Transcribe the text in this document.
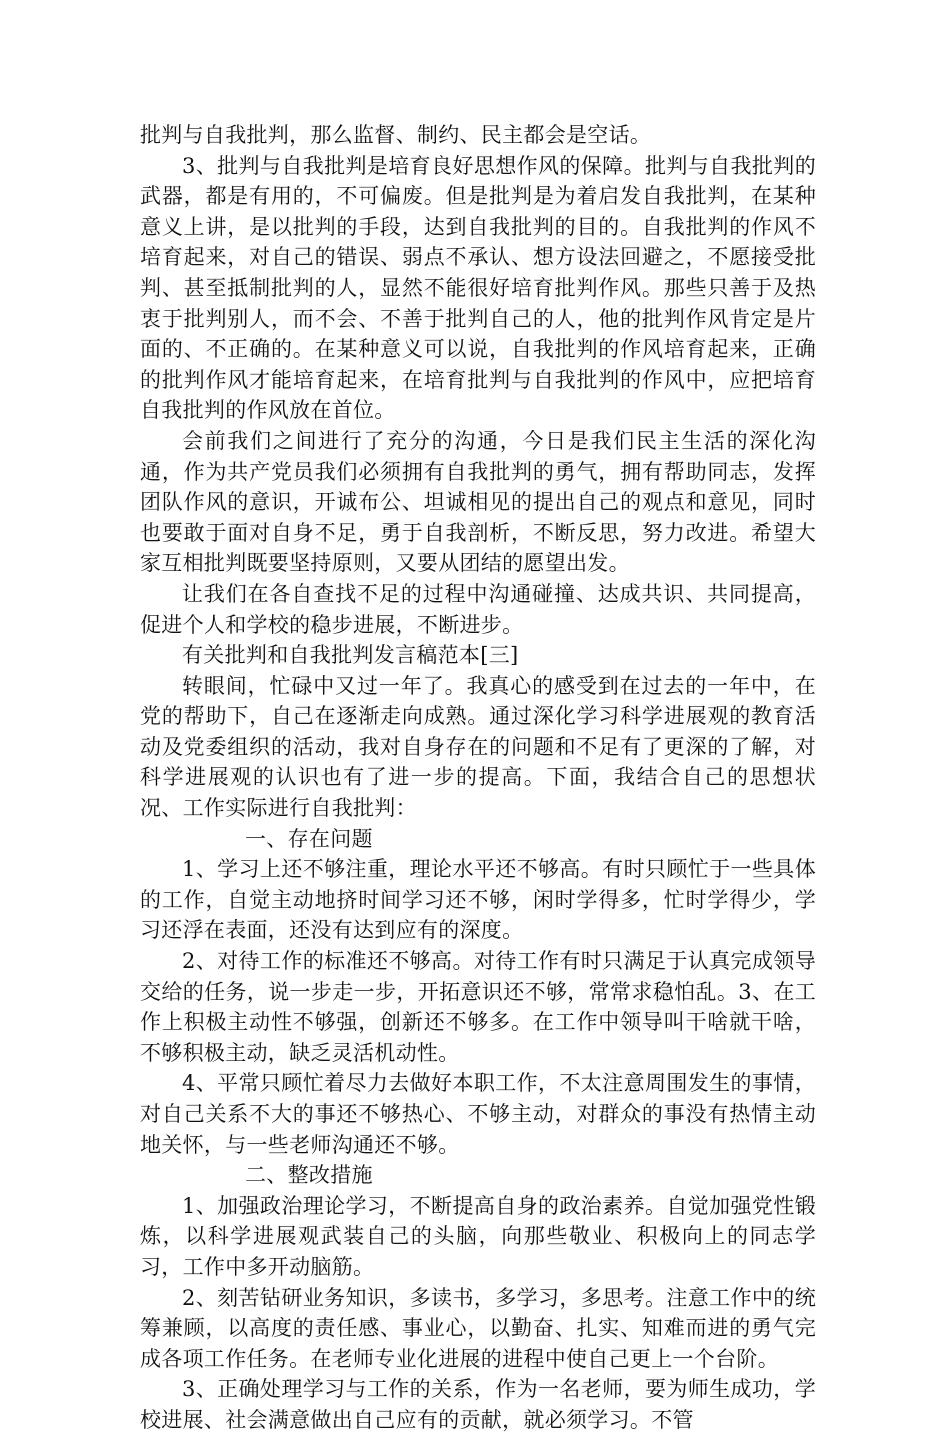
批判与自我批判，那么监督、制约、民主都会是空话。

3、批判与自我批判是培育良好思想作风的保障。批判与自我批判的武器，都是有用的，不可偏废。但是批判是为着启发自我批判，在某种意义上讲，是以批判的手段，达到自我批判的目的。自我批判的作风不培育起来，对自己的错误、弱点不承认、想方设法回避之，不愿接受批判、甚至抵制批判的人，显然不能很好培育批判作风。那些只善于及热衷于批判别人，而不会、不善于批判自己的人，他的批判作风肯定是片面的、不正确的。在某种意义可以说，自我批判的作风培育起来，正确的批判作风才能培育起来，在培育批判与自我批判的作风中，应把培育自我批判的作风放在首位。

会前我们之间进行了充分的沟通，今日是我们民主生活的深化沟通，作为共产党员我们必须拥有自我批判的勇气，拥有帮助同志，发挥团队作风的意识，开诚布公、坦诚相见的提出自己的观点和意见，同时也要敢于面对自身不足，勇于自我剖析，不断反思，努力改进。希望大家互相批判既要坚持原则，又要从团结的愿望出发。

让我们在各自查找不足的过程中沟通碰撞、达成共识、共同提高，促进个人和学校的稳步进展，不断进步。

有关批判和自我批判发言稿范本[三]

转眼间，忙碌中又过一年了。我真心的感受到在过去的一年中，在党的帮助下，自己在逐渐走向成熟。通过深化学习科学进展观的教育活动及党委组织的活动，我对自身存在的问题和不足有了更深的了解，对科学进展观的认识也有了进一步的提高。下面，我结合自己的思想状况、工作实际进行自我批判：

一、存在问题

1、学习上还不够注重，理论水平还不够高。有时只顾忙于一些具体的工作，自觉主动地挤时间学习还不够，闲时学得多，忙时学得少，学习还浮在表面，还没有达到应有的深度。

2、对待工作的标准还不够高。对待工作有时只满足于认真完成领导交给的任务，说一步走一步，开拓意识还不够，常常求稳怕乱。3、在工作上积极主动性不够强，创新还不够多。在工作中领导叫干啥就干啥，不够积极主动，缺乏灵活机动性。

4、平常只顾忙着尽力去做好本职工作，不太注意周围发生的事情，对自己关系不大的事还不够热心、不够主动，对群众的事没有热情主动地关怀，与一些老师沟通还不够。

二、整改措施

1、加强政治理论学习，不断提高自身的政治素养。自觉加强党性锻炼，以科学进展观武装自己的头脑，向那些敬业、积极向上的同志学习，工作中多开动脑筋。

2、刻苦钻研业务知识，多读书，多学习，多思考。注意工作中的统筹兼顾，以高度的责任感、事业心，以勤奋、扎实、知难而进的勇气完成各项工作任务。在老师专业化进展的进程中使自己更上一个台阶。

3、正确处理学习与工作的关系，作为一名老师，要为师生成功，学校进展、社会满意做出自己应有的贡献，就必须学习。不管
